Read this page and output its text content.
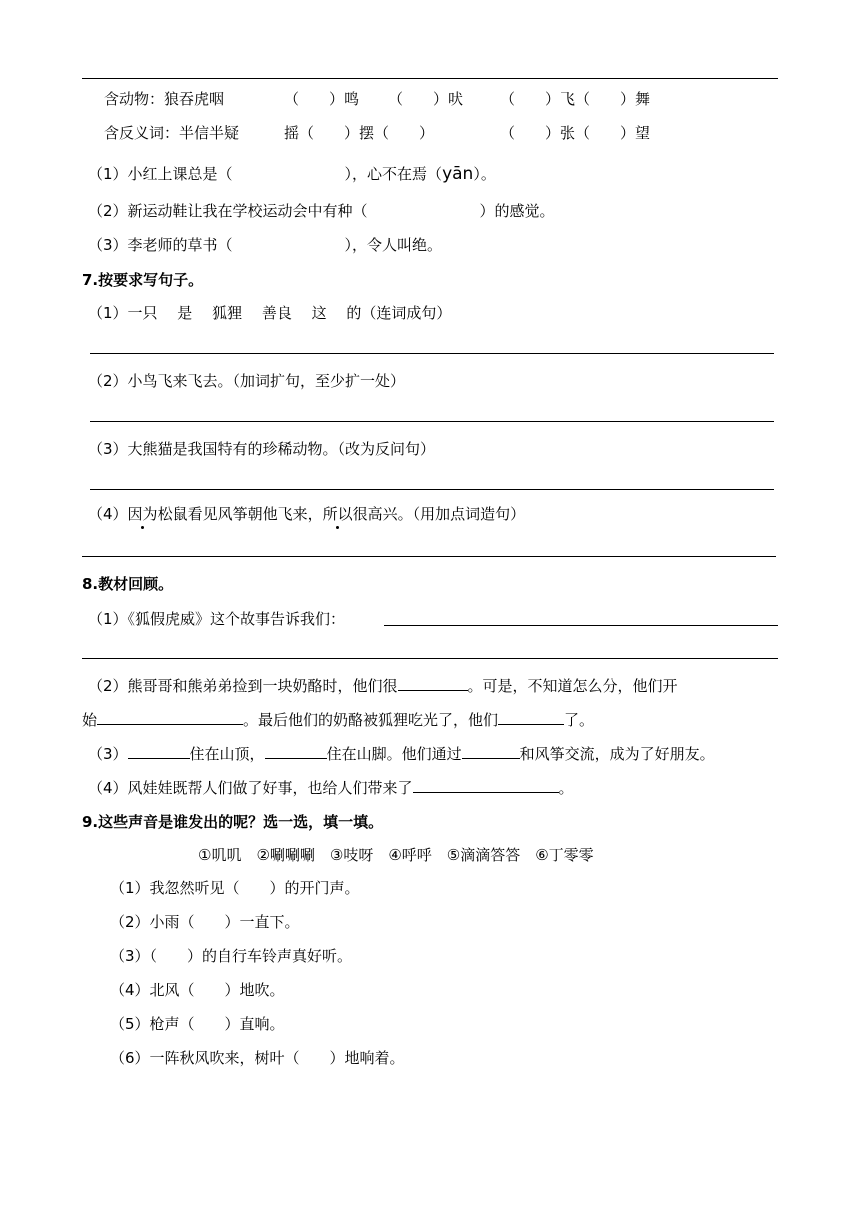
含动物：狼吞虎咽	（　　）鸣 （　　）吠 （　　）飞（　　）舞
含反义词：半信半疑	摇（　　）摆（　　）	（　　）张（　　）望
（1）小红上课总是（	），心不在焉（yān）。
（2）新运动鞋让我在学校运动会中有种（	）的感觉。
（3）李老师的草书（	），令人叫绝。
7.按要求写句子。
（1）一只　 是　 狐狸　 善良　 这　 的（连词成句）
（2）小鸟飞来飞去。（加词扩句，至少扩一处）
（3）大熊猫是我国特有的珍稀动物。（改为反问句）
（4）因为松鼠看见风筝朝他飞来，所以很高兴。（用加点词造句）
8.教材回顾。
（1）《狐假虎威》这个故事告诉我们：
（2）熊哥哥和熊弟弟捡到一块奶酪时，他们很	。可是，不知道怎么分，他们开
始	。最后他们的奶酪被狐狸吃光了，他们	了。
（3）	住在山顶，	住在山脚。他们通过	和风筝交流，成为了好朋友。
（4）风娃娃既帮人们做了好事，也给人们带来了	。
9.这些声音是谁发出的呢？选一选，填一填。
①叽叽　②唰唰唰　③吱呀　④呼呼　⑤滴滴答答　⑥丁零零
（1）我忽然听见（　　）的开门声。
（2）小雨（　　）一直下。
（3）（　　）的自行车铃声真好听。
（4）北风（　　）地吹。
（5）枪声（　　）直响。
（6）一阵秋风吹来，树叶（　　）地响着。
